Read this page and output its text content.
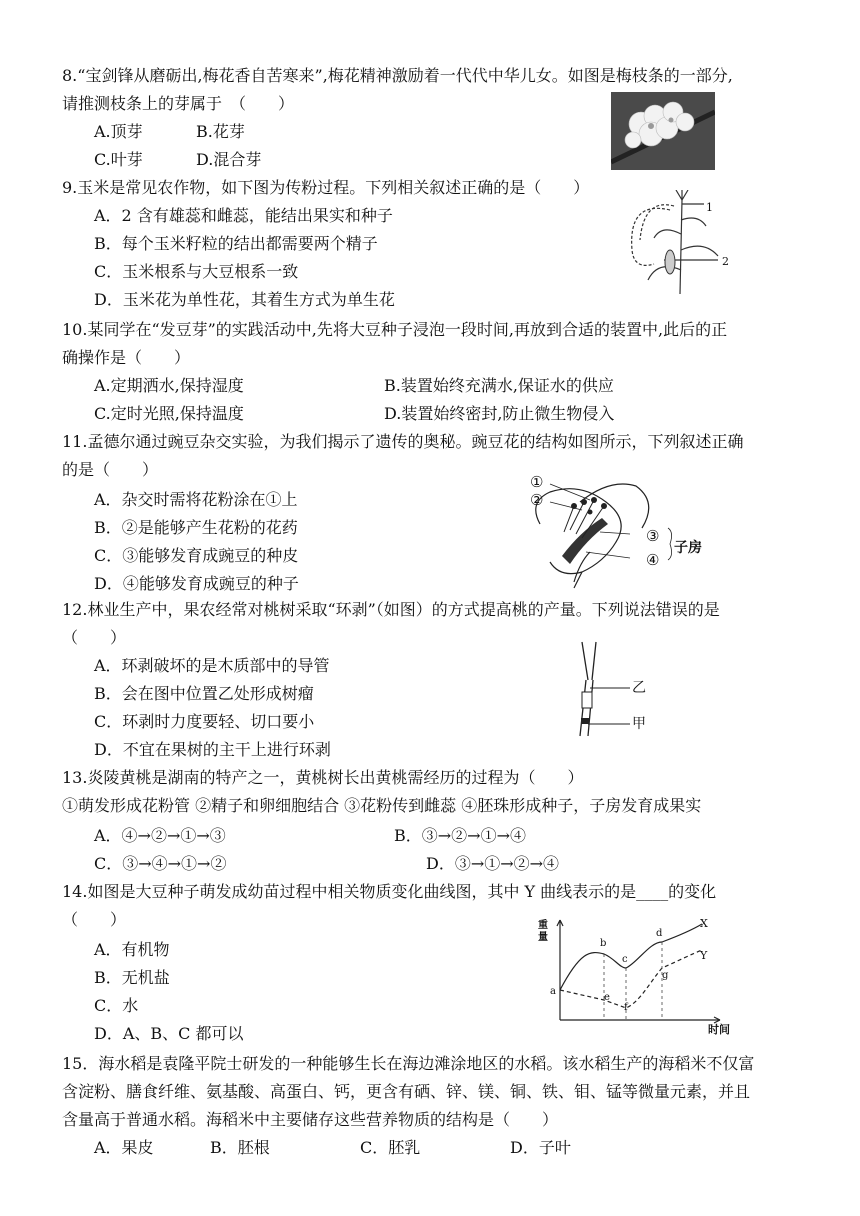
8.“宝剑锋从磨砺出,梅花香自苦寒来”,梅花精神激励着一代代中华儿女。如图是梅枝条的一部分,
请推测枝条上的芽属于　（　　）
A.顶芽	B.花芽
C.叶芽	D.混合芽
9.玉米是常见农作物，如下图为传粉过程。下列相关叙述正确的是（　　）
A．2 含有雄蕊和雌蕊，能结出果实和种子
B．每个玉米籽粒的结出都需要两个精子
C．玉米根系与大豆根系一致
D．玉米花为单性花，其着生方式为单生花
1
2
10.某同学在“发豆芽”的实践活动中,先将大豆种子浸泡一段时间,再放到合适的装置中,此后的正
确操作是（　　）
A.定期洒水,保持湿度	B.装置始终充满水,保证水的供应
C.定时光照,保持温度	D.装置始终密封,防止微生物侵入
11.孟德尔通过豌豆杂交实验，为我们揭示了遗传的奥秘。豌豆花的结构如图所示，下列叙述正确
的是（　　）
A．杂交时需将花粉涂在①上
B．②是能够产生花粉的花药
C．③能够发育成豌豆的种皮
D．④能够发育成豌豆的种子
①
②
③
④
子房
12.林业生产中，果农经常对桃树采取“环剥”（如图）的方式提高桃的产量。下列说法错误的是
（　　）
A．环剥破坏的是木质部中的导管
B．会在图中位置乙处形成树瘤
C．环剥时力度要轻、切口要小
D．不宜在果树的主干上进行环剥
乙
甲
13.炎陵黄桃是湖南的特产之一，黄桃树长出黄桃需经历的过程为（　　）
①萌发形成花粉管 ②精子和卵细胞结合 ③花粉传到雌蕊 ④胚珠形成种子，子房发育成果实
A．④→②→①→③	B．③→②→①→④
C．③→④→①→②	D．③→①→②→④
14.如图是大豆种子萌发成幼苗过程中相关物质变化曲线图，其中 Y 曲线表示的是____的变化
（　　）
A．有机物
B．无机盐
C．水
D．A、B、C 都可以
重量
时间
X
Y
a
b
c
d
e
f
g
15．海水稻是袁隆平院士研发的一种能够生长在海边滩涂地区的水稻。该水稻生产的海稻米不仅富
含淀粉、膳食纤维、氨基酸、高蛋白、钙，更含有硒、锌、镁、铜、铁、钼、锰等微量元素，并且
含量高于普通水稻。海稻米中主要储存这些营养物质的结构是（　　）
A．果皮	B．胚根	C．胚乳	D．子叶
